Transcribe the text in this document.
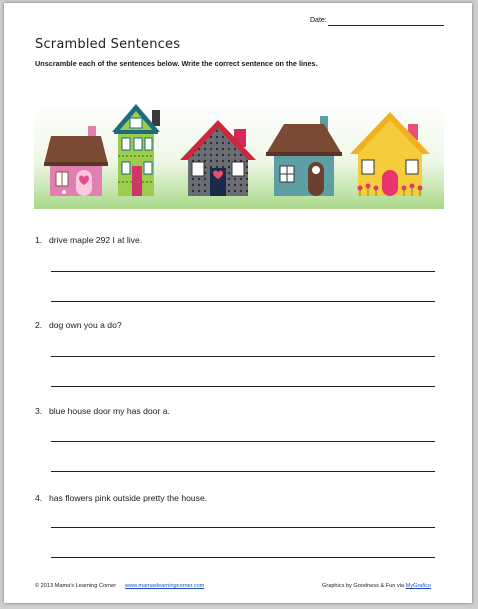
Date:
Scrambled Sentences
Unscramble each of the sentences below. Write the correct sentence on the lines.
1. drive maple 292 I at live.
2. dog own you a do?
3. blue house door my has door a.
4. has flowers pink outside pretty the house.
© 2013 Mama's Learning Corner www.mamaslearningcorner.com	Graphics by Goodness & Fun via MyGrafico
